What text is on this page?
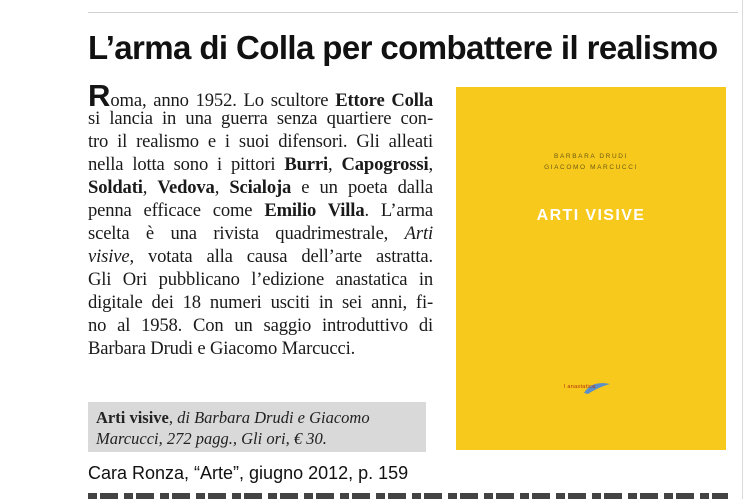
L’arma di Colla per combattere il realismo
Roma, anno 1952. Lo scultore Ettore Colla
si lancia in una guerra senza quartiere con-
tro il realismo e i suoi difensori. Gli alleati
nella lotta sono i pittori Burri, Capogrossi,
Soldati, Vedova, Scialoja e un poeta dalla
penna efficace come Emilio Villa. L’arma
scelta è una rivista quadrimestrale, Arti
visive, votata alla causa dell’arte astratta.
Gli Ori pubblicano l’edizione anastatica in
digitale dei 18 numeri usciti in sei anni, fi-
no al 1958. Con un saggio introduttivo di
Barbara Drudi e Giacomo Marcucci.
Arti visive, di Barbara Drudi e Giacomo
Marcucci, 272 pagg., Gli ori, € 30.
Cara Ronza, “Arte”, giugno 2012, p. 159
BARBARA DRUDI
GIACOMO MARCUCCI
ARTI VISIVE
l anastatica
